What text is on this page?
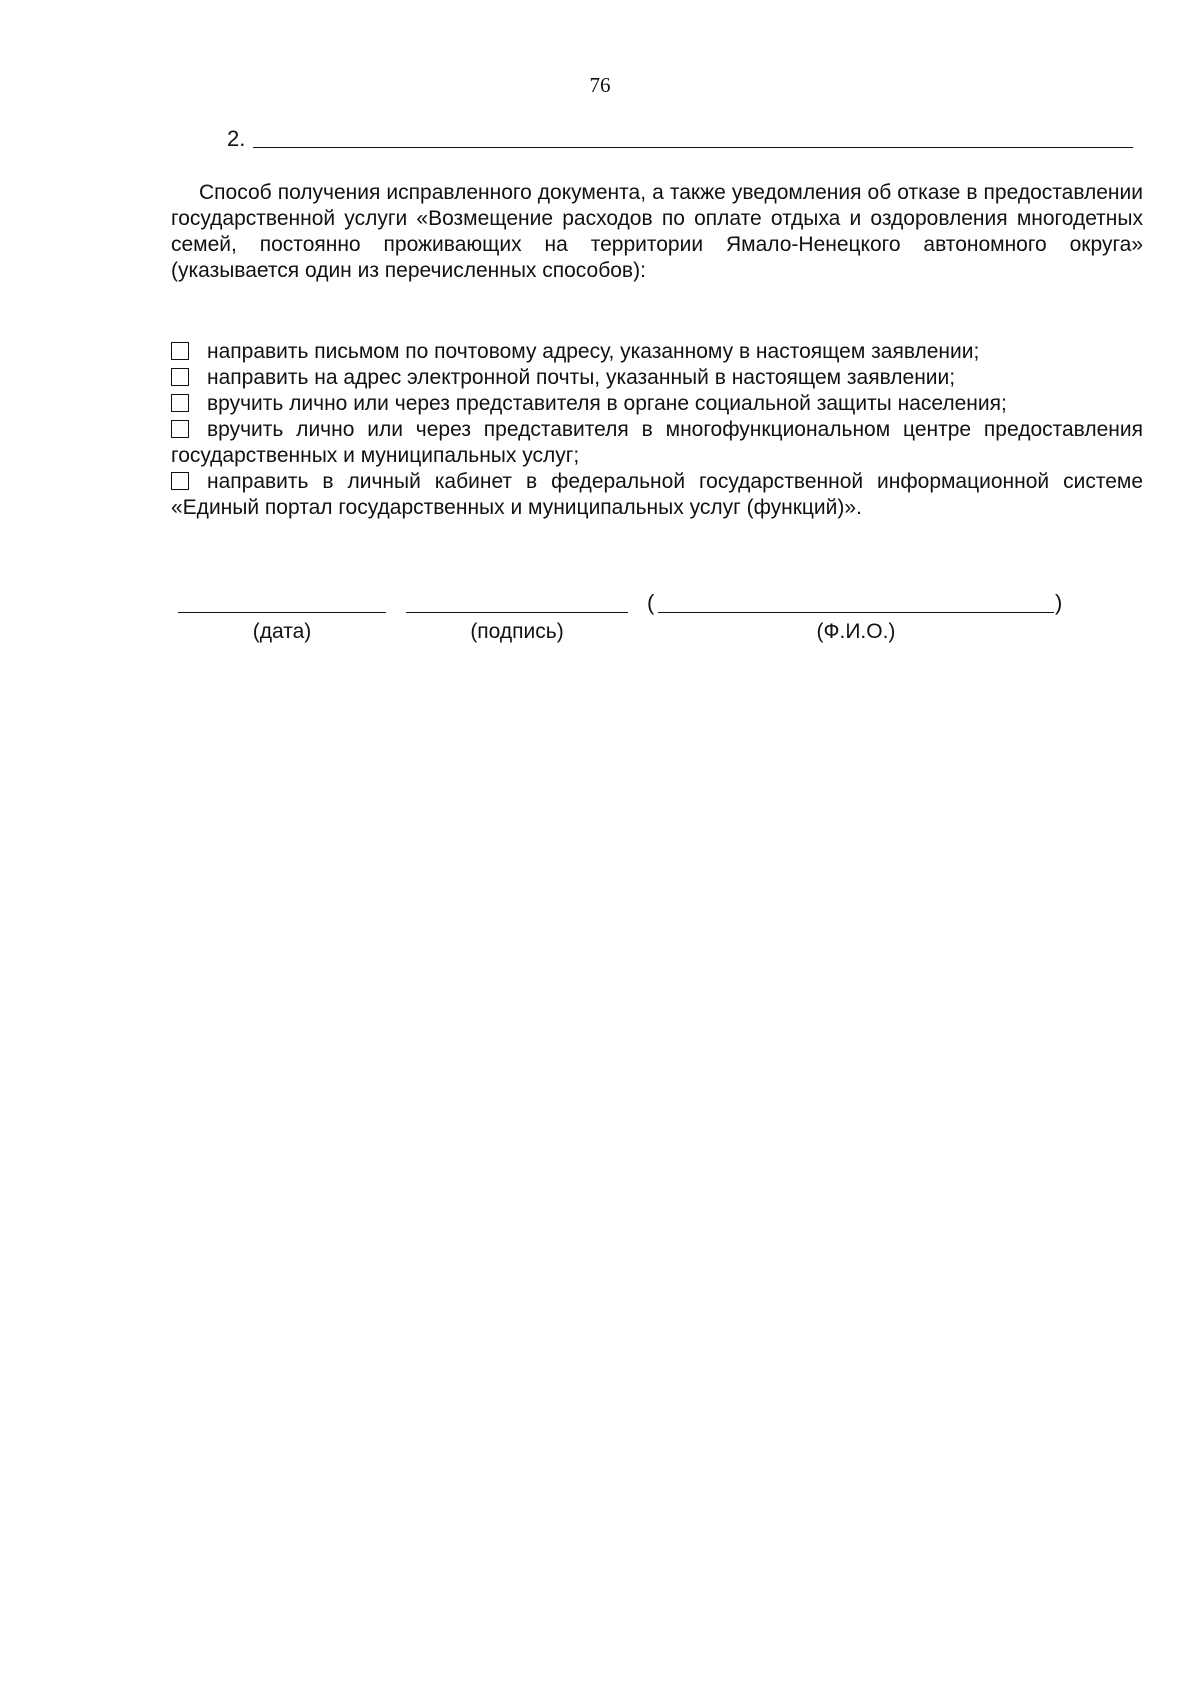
76
2.

Способ получения исправленного документа, а также уведомления об отказе в предоставлении государственной услуги «Возмещение расходов по оплате отдыха и оздоровления многодетных семей, постоянно проживающих на территории Ямало-Ненецкого автономного округа» (указывается один из перечисленных способов):

направить письмом по почтовому адресу, указанному в настоящем заявлении;

направить на адрес электронной почты, указанный в настоящем заявлении;

вручить лично или через представителя в органе социальной защиты населения;

вручить лично или через представителя в многофункциональном центре предоставления государственных и муниципальных услуг;

направить в личный кабинет в федеральной государственной информационной системе «Единый портал государственных и муниципальных услуг (функций)».

(дата)	(подпись)
(	)
(Ф.И.О.)
